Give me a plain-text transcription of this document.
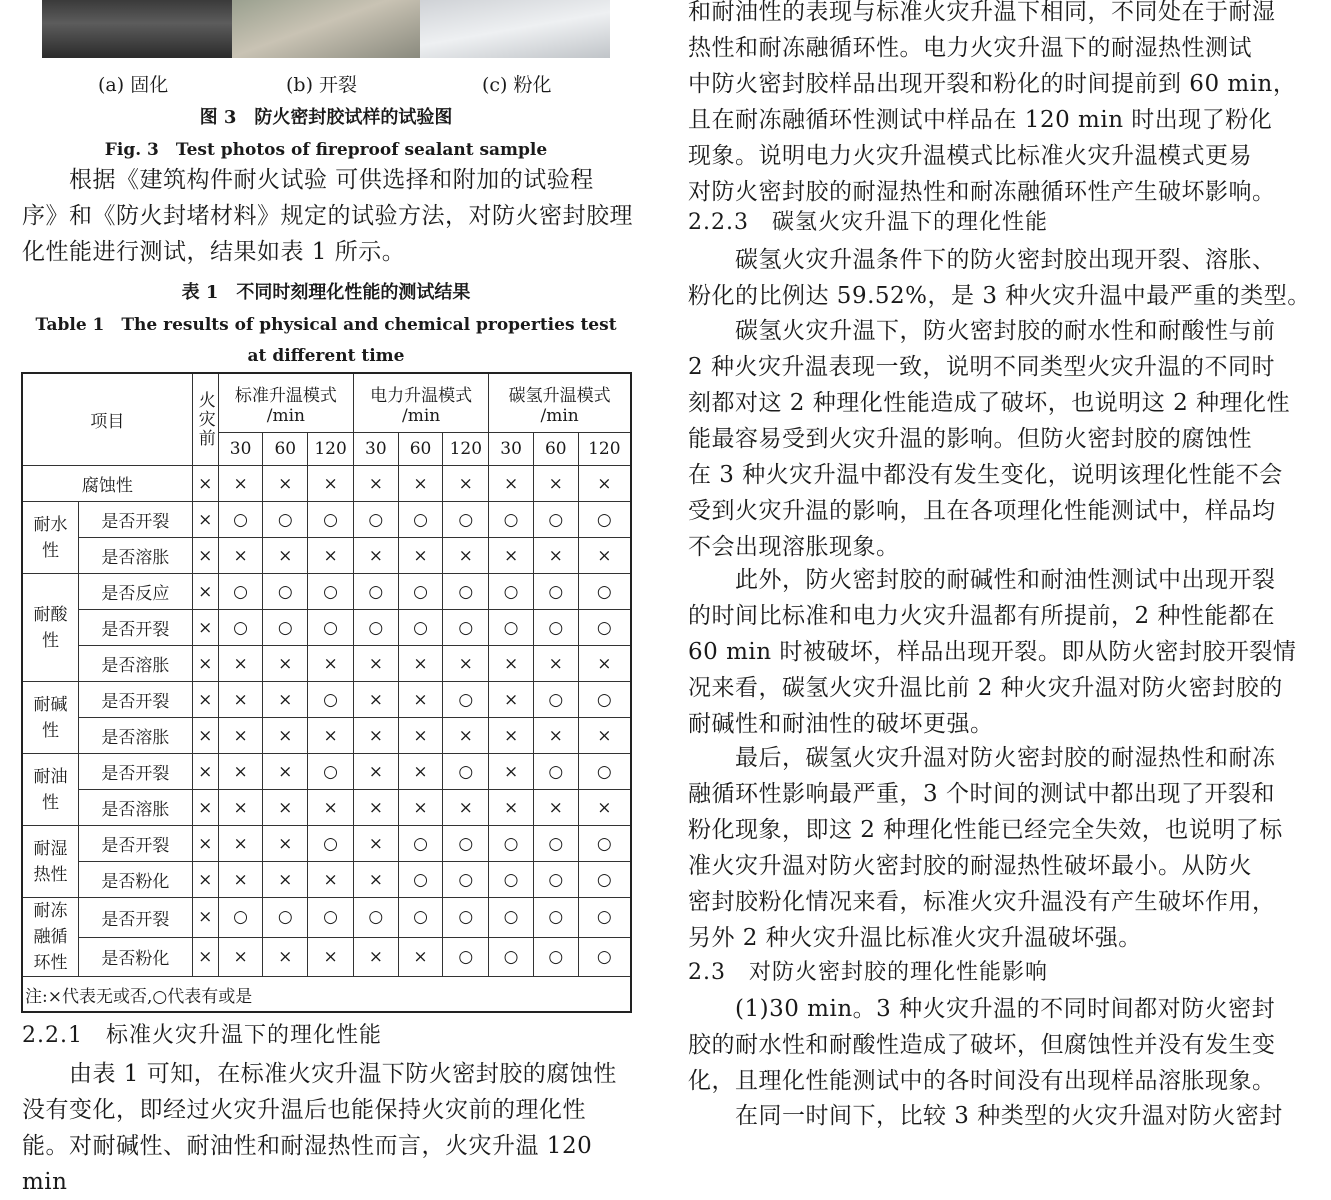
(a) 固化	(b) 开裂	(c) 粉化
图 3　防火密封胶试样的试验图
Fig. 3　Test photos of fireproof sealant sample

　　根据《建筑构件耐火试验 可供选择和附加的试验程
序》和《防火封堵材料》规定的试验方法，对防火密封胶理
化性能进行测试，结果如表 1 所示。

表 1　不同时刻理化性能的测试结果
Table 1　The results of physical and chemical properties test
at different time
项目		火灾前	标准升温模式 /min			电力升温模式 /min			碳氢升温模式 /min		
			30	60	120	30	60	120	30	60	120
腐蚀性		×	×	×	×	×	×	×	×	×	×
耐水
性	是否开裂	×	○	○	○	○	○	○	○	○	○
	是否溶胀	×	×	×	×	×	×	×	×	×	×
耐酸
性	是否反应	×	○	○	○	○	○	○	○	○	○
	是否开裂	×	○	○	○	○	○	○	○	○	○
	是否溶胀	×	×	×	×	×	×	×	×	×	×
耐碱
性	是否开裂	×	×	×	○	×	×	○	×	○	○
	是否溶胀	×	×	×	×	×	×	×	×	×	×
耐油
性	是否开裂	×	×	×	○	×	×	○	×	○	○
	是否溶胀	×	×	×	×	×	×	×	×	×	×
耐湿
热性	是否开裂	×	×	×	○	×	○	○	○	○	○
	是否粉化	×	×	×	×	×	○	○	○	○	○
耐冻
融循
环性	是否开裂	×	○	○	○	○	○	○	○	○	○
	是否粉化	×	×	×	×	×	×	○	○	○	○
注:×代表无或否,○代表有或是											
2.2.1　标准火灾升温下的理化性能

　　由表 1 可知，在标准火灾升温下防火密封胶的腐蚀性
没有变化，即经过火灾升温后也能保持火灾前的理化性
能。对耐碱性、耐油性和耐湿热性而言，火灾升温 120 min

和耐油性的表现与标准火灾升温下相同，不同处在于耐湿
热性和耐冻融循环性。电力火灾升温下的耐湿热性测试
中防火密封胶样品出现开裂和粉化的时间提前到 60 min，
且在耐冻融循环性测试中样品在 120 min 时出现了粉化
现象。说明电力火灾升温模式比标准火灾升温模式更易
对防火密封胶的耐湿热性和耐冻融循环性产生破坏影响。

2.2.3　碳氢火灾升温下的理化性能

　　碳氢火灾升温条件下的防火密封胶出现开裂、溶胀、
粉化的比例达 59.52%，是 3 种火灾升温中最严重的类型。

　　碳氢火灾升温下，防火密封胶的耐水性和耐酸性与前
2 种火灾升温表现一致，说明不同类型火灾升温的不同时
刻都对这 2 种理化性能造成了破坏，也说明这 2 种理化性
能最容易受到火灾升温的影响。但防火密封胶的腐蚀性
在 3 种火灾升温中都没有发生变化，说明该理化性能不会
受到火灾升温的影响，且在各项理化性能测试中，样品均
不会出现溶胀现象。

　　此外，防火密封胶的耐碱性和耐油性测试中出现开裂
的时间比标准和电力火灾升温都有所提前，2 种性能都在
60 min 时被破坏，样品出现开裂。即从防火密封胶开裂情
况来看，碳氢火灾升温比前 2 种火灾升温对防火密封胶的
耐碱性和耐油性的破坏更强。

　　最后，碳氢火灾升温对防火密封胶的耐湿热性和耐冻
融循环性影响最严重，3 个时间的测试中都出现了开裂和
粉化现象，即这 2 种理化性能已经完全失效，也说明了标
准火灾升温对防火密封胶的耐湿热性破坏最小。从防火
密封胶粉化情况来看，标准火灾升温没有产生破坏作用，
另外 2 种火灾升温比标准火灾升温破坏强。

2.3　对防火密封胶的理化性能影响

　　(1)30 min。3 种火灾升温的不同时间都对防火密封
胶的耐水性和耐酸性造成了破坏，但腐蚀性并没有发生变
化，且理化性能测试中的各时间没有出现样品溶胀现象。

　　在同一时间下，比较 3 种类型的火灾升温对防火密封
